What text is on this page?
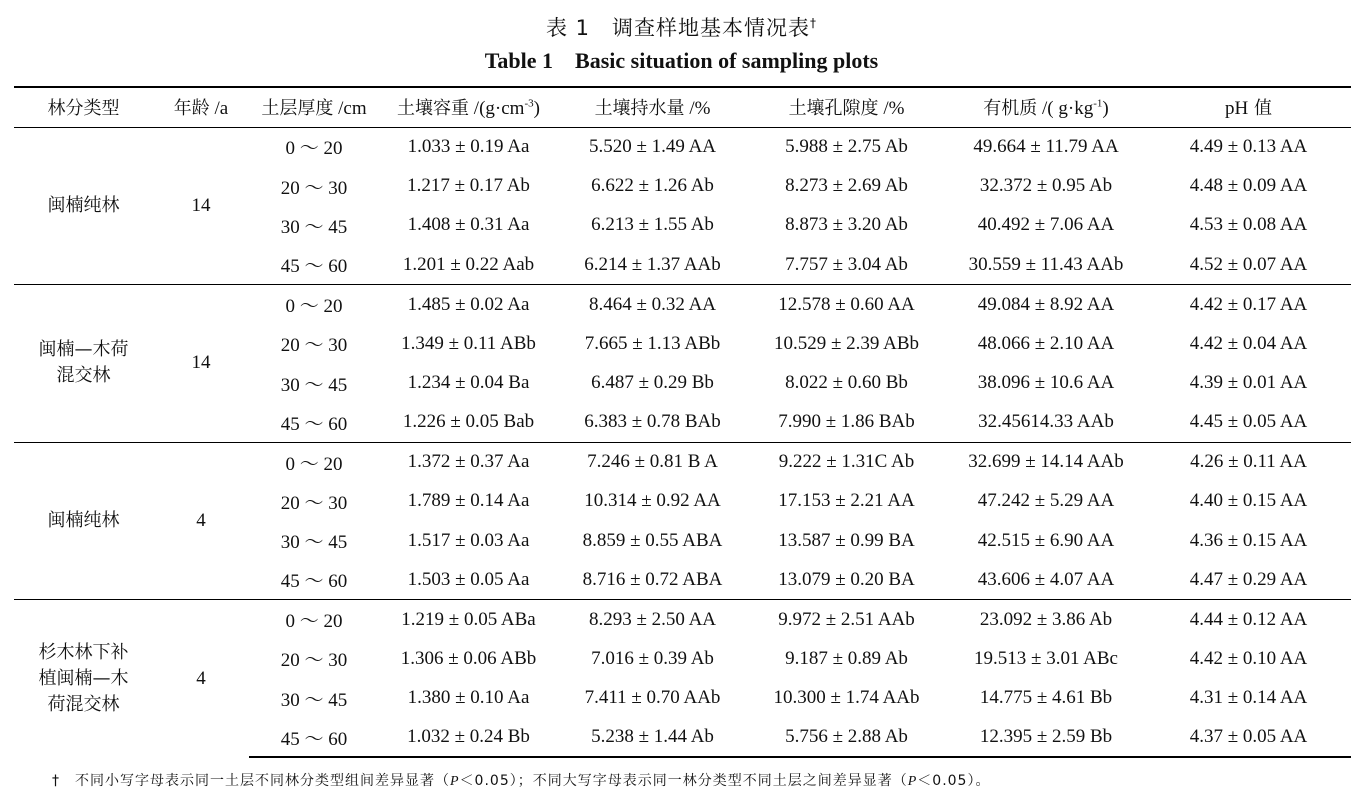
表 1　调查样地基本情况表†
Table 1　Basic situation of sampling plots
林分类型	年龄 /a	土层厚度 /cm	土壤容重 $/(g\cdot cm^{-3})$	土壤持水量 /%	土壤孔隙度 /%	有机质 /( $g\cdot kg^{-1}$)	pH 值

闽楠纯林	14	0 ～ 20	1.033 ± 0.19 Aa	5.520 ± 1.49 AA	5.988 ± 2.75 Ab	49.664 ± 11.79 AA	4.49 ± 0.13 AA
		20 ～ 30	1.217 ± 0.17 Ab	6.622 ± 1.26 Ab	8.273 ± 2.69 Ab	32.372 ± 0.95 Ab	4.48 ± 0.09 AA
		30 ～ 45	1.408 ± 0.31 Aa	6.213 ± 1.55 Ab	8.873 ± 3.20 Ab	40.492 ± 7.06 AA	4.53 ± 0.08 AA
		45 ～ 60	1.201 ± 0.22 Aab	6.214 ± 1.37 AAb	7.757 ± 3.04 Ab	30.559 ± 11.43 AAb	4.52 ± 0.07 AA

闽楠—木荷
混交林	14	0 ～ 20	1.485 ± 0.02 Aa	8.464 ± 0.32 AA	12.578 ± 0.60 AA	49.084 ± 8.92 AA	4.42 ± 0.17 AA
		20 ～ 30	1.349 ± 0.11 ABb	7.665 ± 1.13 ABb	10.529 ± 2.39 ABb	48.066 ± 2.10 AA	4.42 ± 0.04 AA
		30 ～ 45	1.234 ± 0.04 Ba	6.487 ± 0.29 Bb	8.022 ± 0.60 Bb	38.096 ± 10.6 AA	4.39 ± 0.01 AA
		45 ～ 60	1.226 ± 0.05 Bab	6.383 ± 0.78 BAb	7.990 ± 1.86 BAb	32.45614.33 AAb	4.45 ± 0.05 AA

闽楠纯林	4	0 ～ 20	1.372 ± 0.37 Aa	7.246 ± 0.81 B A	9.222 ± 1.31C Ab	32.699 ± 14.14 AAb	4.26 ± 0.11 AA
		20 ～ 30	1.789 ± 0.14 Aa	10.314 ± 0.92 AA	17.153 ± 2.21 AA	47.242 ± 5.29 AA	4.40 ± 0.15 AA
		30 ～ 45	1.517 ± 0.03 Aa	8.859 ± 0.55 ABA	13.587 ± 0.99 BA	42.515 ± 6.90 AA	4.36 ± 0.15 AA
		45 ～ 60	1.503 ± 0.05 Aa	8.716 ± 0.72 ABA	13.079 ± 0.20 BA	43.606 ± 4.07 AA	4.47 ± 0.29 AA

杉木林下补
植闽楠—木
荷混交林	4	0 ～ 20	1.219 ± 0.05 ABa	8.293 ± 2.50 AA	9.972 ± 2.51 AAb	23.092 ± 3.86 Ab	4.44 ± 0.12 AA
		20 ～ 30	1.306 ± 0.06 ABb	7.016 ± 0.39 Ab	9.187 ± 0.89 Ab	19.513 ± 3.01 ABc	4.42 ± 0.10 AA
		30 ～ 45	1.380 ± 0.10 Aa	7.411 ± 0.70 AAb	10.300 ± 1.74 AAb	14.775 ± 4.61 Bb	4.31 ± 0.14 AA
		45 ～ 60	1.032 ± 0.24 Bb	5.238 ± 1.44 Ab	5.756 ± 2.88 Ab	12.395 ± 2.59 Bb	4.37 ± 0.05 AA
†　 不同小写字母表示同一土层不同林分类型组间差异显著（P＜0.05）；不同大写字母表示同一林分类型不同土层之间差异显著（P＜0.05）。
